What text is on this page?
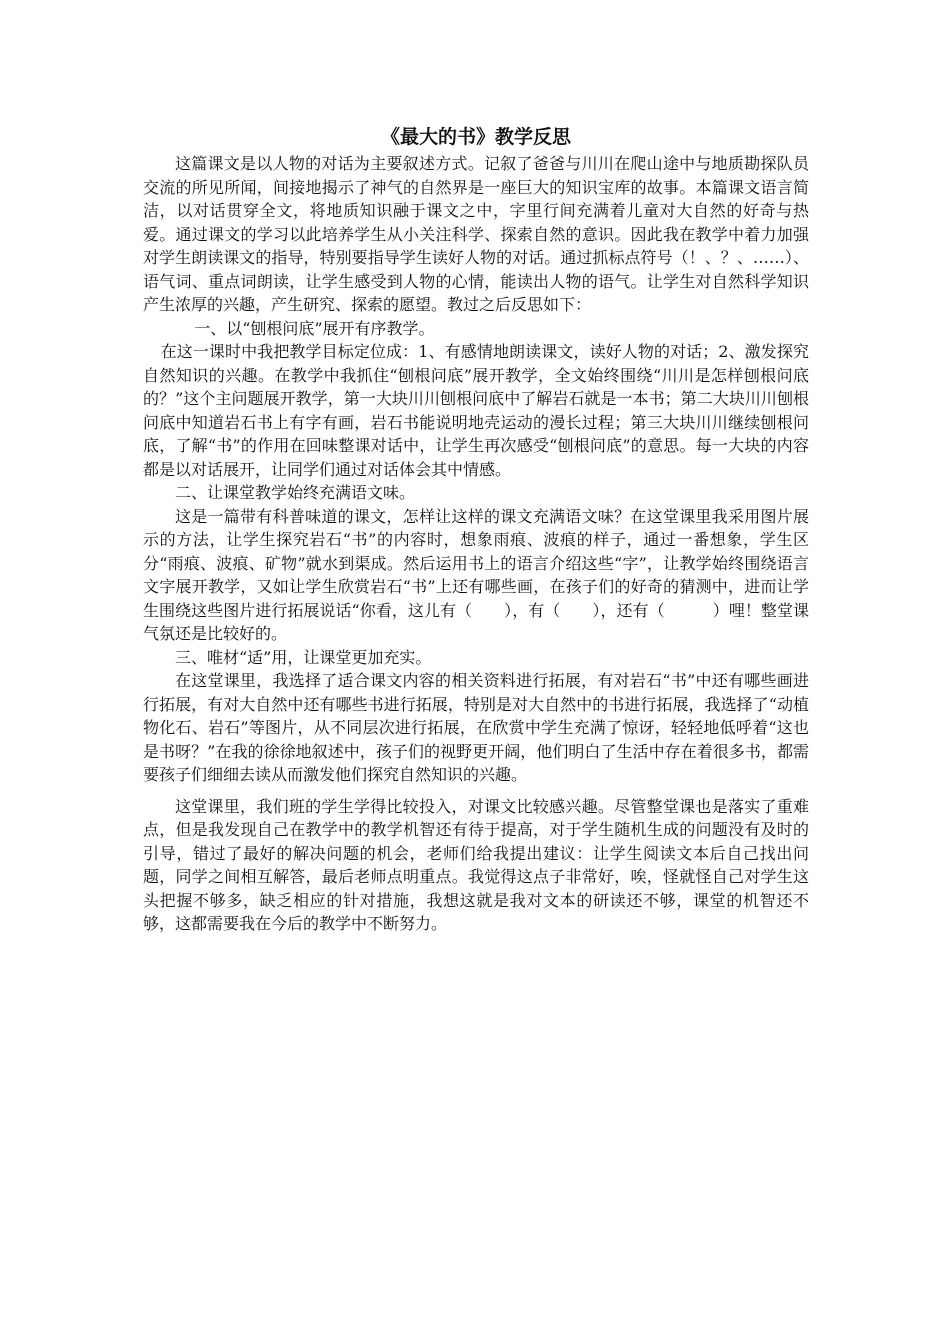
《最大的书》教学反思

这篇课文是以人物的对话为主要叙述方式。记叙了爸爸与川川在爬山途中与地质勘探队员交流的所见所闻，间接地揭示了神气的自然界是一座巨大的知识宝库的故事。本篇课文语言简洁，以对话贯穿全文，将地质知识融于课文之中，字里行间充满着儿童对大自然的好奇与热爱。通过课文的学习以此培养学生从小关注科学、探索自然的意识。因此我在教学中着力加强对学生朗读课文的指导，特别要指导学生读好人物的对话。通过抓标点符号（！、？、……）、语气词、重点词朗读，让学生感受到人物的心情，能读出人物的语气。让学生对自然科学知识产生浓厚的兴趣，产生研究、探索的愿望。教过之后反思如下：

一、以“刨根问底”展开有序教学。

在这一课时中我把教学目标定位成：1、有感情地朗读课文，读好人物的对话；2、激发探究自然知识的兴趣。在教学中我抓住“刨根问底”展开教学，全文始终围绕“川川是怎样刨根问底的？”这个主问题展开教学，第一大块川川刨根问底中了解岩石就是一本书；第二大块川川刨根问底中知道岩石书上有字有画，岩石书能说明地壳运动的漫长过程；第三大块川川继续刨根问底，了解“书”的作用在回味整课对话中，让学生再次感受“刨根问底”的意思。每一大块的内容都是以对话展开，让同学们通过对话体会其中情感。

二、让课堂教学始终充满语文味。

这是一篇带有科普味道的课文，怎样让这样的课文充满语文味？在这堂课里我采用图片展示的方法，让学生探究岩石“书”的内容时，想象雨痕、波痕的样子，通过一番想象，学生区分“雨痕、波痕、矿物”就水到渠成。然后运用书上的语言介绍这些“字”，让教学始终围绕语言文字展开教学，又如让学生欣赏岩石“书”上还有哪些画，在孩子们的好奇的猜测中，进而让学生围绕这些图片进行拓展说话“你看，这儿有（　　），有（　　），还有（　　　）哩！整堂课气氛还是比较好的。

三、唯材“适”用，让课堂更加充实。

在这堂课里，我选择了适合课文内容的相关资料进行拓展，有对岩石“书”中还有哪些画进行拓展，有对大自然中还有哪些书进行拓展，特别是对大自然中的书进行拓展，我选择了“动植物化石、岩石”等图片，从不同层次进行拓展，在欣赏中学生充满了惊讶，轻轻地低呼着“这也是书呀？”在我的徐徐地叙述中，孩子们的视野更开阔，他们明白了生活中存在着很多书，都需要孩子们细细去读从而激发他们探究自然知识的兴趣。

这堂课里，我们班的学生学得比较投入，对课文比较感兴趣。尽管整堂课也是落实了重难点，但是我发现自己在教学中的教学机智还有待于提高，对于学生随机生成的问题没有及时的引导，错过了最好的解决问题的机会，老师们给我提出建议：让学生阅读文本后自己找出问题，同学之间相互解答，最后老师点明重点。我觉得这点子非常好，唉，怪就怪自己对学生这头把握不够多，缺乏相应的针对措施，我想这就是我对文本的研读还不够，课堂的机智还不够，这都需要我在今后的教学中不断努力。
